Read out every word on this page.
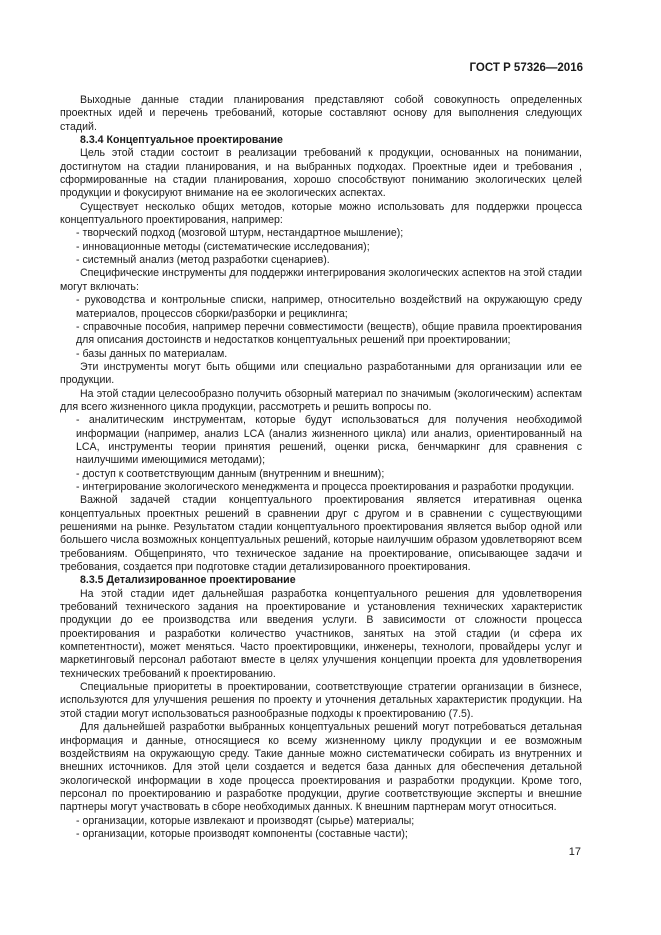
ГОСТ Р 57326—2016

Выходные данные стадии планирования представляют собой совокупность определенных проектных идей и перечень требований, которые составляют основу для выполнения следующих стадий.

8.3.4 Концептуальное проектирование

Цель этой стадии состоит в реализации требований к продукции, основанных на понимании, достигнутом на стадии планирования, и на выбранных подходах. Проектные идеи и требования , сформированные на стадии планирования, хорошо способствуют пониманию экологических целей продукции и фокусируют внимание на ее экологических аспектах.

Существует несколько общих методов, которые можно использовать для поддержки процесса концептуального проектирования, например:

- творческий подход (мозговой штурм, нестандартное мышление);

- инновационные методы (систематические исследования);

- системный анализ (метод разработки сценариев).

Специфические инструменты для поддержки интегрирования экологических аспектов на этой стадии могут включать:

- руководства и контрольные списки, например, относительно воздействий на окружающую среду материалов, процессов сборки/разборки и рециклинга;

- справочные пособия, например перечни совместимости (веществ), общие правила проектирования для описания достоинств и недостатков концептуальных решений при проектировании;

- базы данных по материалам.

Эти инструменты могут быть общими или специально разработанными для организации или ее продукции.

На этой стадии целесообразно получить обзорный материал по значимым (экологическим) аспектам для всего жизненного цикла продукции, рассмотреть и решить вопросы по.

- аналитическим инструментам, которые будут использоваться для получения необходимой информации (например, анализ LCA (анализ жизненного цикла) или анализ, ориентированный на LCA, инструменты теории принятия решений, оценки риска, бенчмаркинг для сравнения с наилучшими имеющимися методами);

- доступ к соответствующим данным (внутренним и внешним);

- интегрирование экологического менеджмента и процесса проектирования и разработки продукции.

Важной задачей стадии концептуального проектирования является итеративная оценка концептуальных проектных решений в сравнении друг с другом и в сравнении с существующими решениями на рынке. Результатом стадии концептуального проектирования является выбор одной или большего числа возможных концептуальных решений, которые наилучшим образом удовлетворяют всем требованиям. Общепринято, что техническое задание на проектирование, описывающее задачи и требования, создается при подготовке стадии детализированного проектирования.

8.3.5 Детализированное проектирование

На этой стадии идет дальнейшая разработка концептуального решения для удовлетворения требований технического задания на проектирование и установления технических характеристик продукции до ее производства или введения услуги. В зависимости от сложности процесса проектирования и разработки количество участников, занятых на этой стадии (и сфера их компетентности), может меняться. Часто проектировщики, инженеры, технологи, провайдеры услуг и маркетинговый персонал работают вместе в целях улучшения концепции проекта для удовлетворения технических требований к проектированию.

Специальные приоритеты в проектировании, соответствующие стратегии организации в бизнесе, используются для улучшения решения по проекту и уточнения детальных характеристик продукции. На этой стадии могут использоваться разнообразные подходы к проектированию (7.5).

Для дальнейшей разработки выбранных концептуальных решений могут потребоваться детальная информация и данные, относящиеся ко всему жизненному циклу продукции и ее возможным воздействиям на окружающую среду. Такие данные можно систематически собирать из внутренних и внешних источников. Для этой цели создается и ведется база данных для обеспечения детальной экологической информации в ходе процесса проектирования и разработки продукции. Кроме того, персонал по проектированию и разработке продукции, другие соответствующие эксперты и внешние партнеры могут участвовать в сборе необходимых данных. К внешним партнерам могут относиться.

- организации, которые извлекают и производят (сырье) материалы;

- организации, которые производят компоненты (составные части);

17
